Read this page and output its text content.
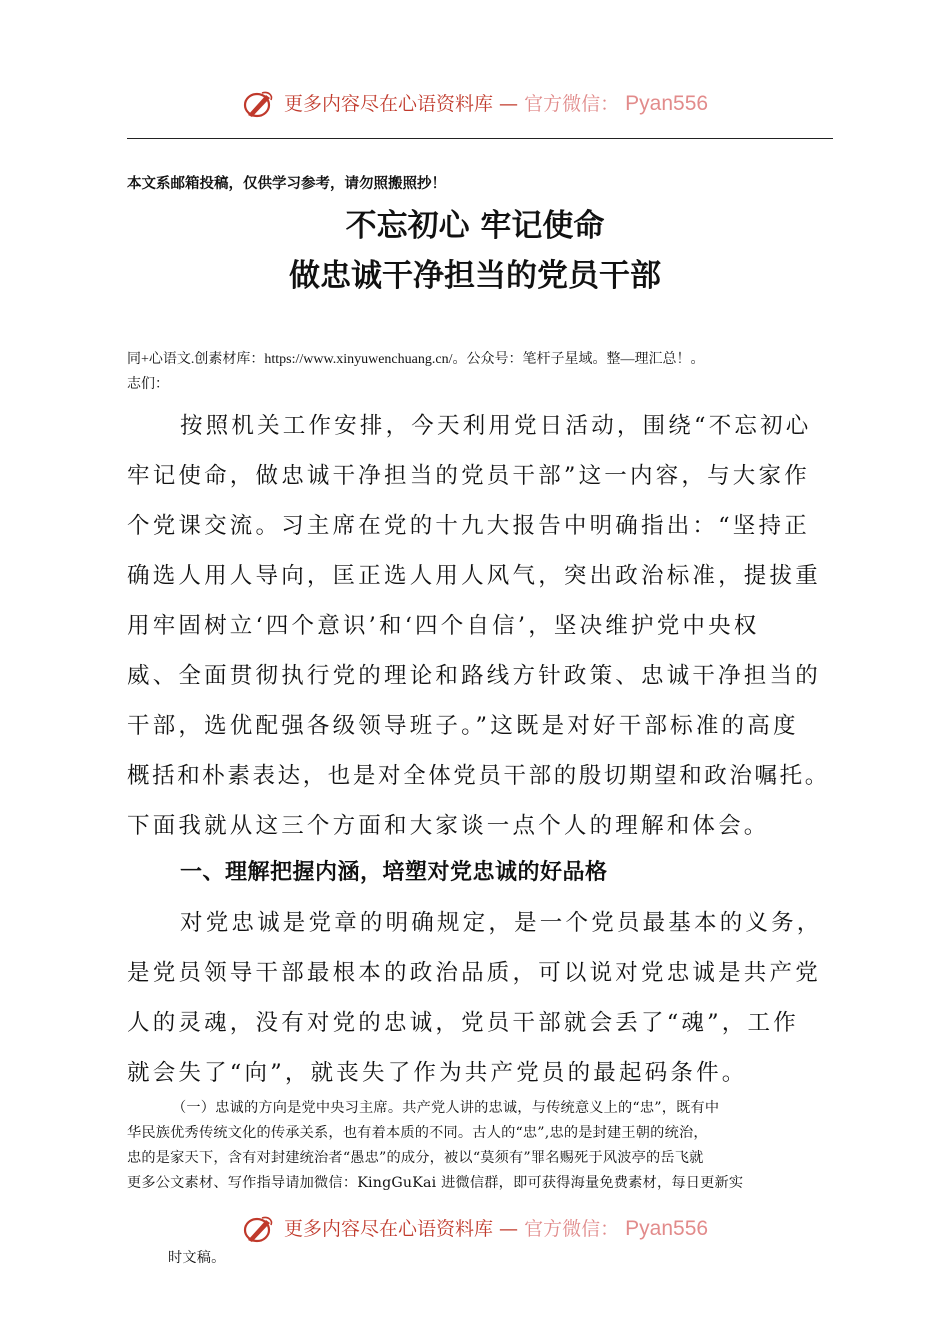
更多内容尽在心语资料库 — 官方微信： Pyan556
本文系邮箱投稿，仅供学习参考，请勿照搬照抄！
不忘初心 牢记使命
做忠诚干净担当的党员干部
同+心语文.创素材库：https://www.xinyuwenchuang.cn/。公众号：笔杆子星域。整—理汇总！。
志们：
按照机关工作安排，今天利用党日活动，围绕“不忘初心
牢记使命，做忠诚干净担当的党员干部”这一内容，与大家作
个党课交流。习主席在党的十九大报告中明确指出：“坚持正
确选人用人导向，匡正选人用人风气，突出政治标准，提拔重
用牢固树立‘四个意识’和‘四个自信’，坚决维护党中央权
威、全面贯彻执行党的理论和路线方针政策、忠诚干净担当的
干部，选优配强各级领导班子。”这既是对好干部标准的高度
概括和朴素表达，也是对全体党员干部的殷切期望和政治嘱托。
下面我就从这三个方面和大家谈一点个人的理解和体会。
一、理解把握内涵，培塑对党忠诚的好品格
对党忠诚是党章的明确规定，是一个党员最基本的义务，
是党员领导干部最根本的政治品质，可以说对党忠诚是共产党
人的灵魂，没有对党的忠诚，党员干部就会丢了“魂”，工作
就会失了“向”，就丧失了作为共产党员的最起码条件。
（一）忠诚的方向是党中央习主席。共产党人讲的忠诚，与传统意义上的“忠”，既有中
华民族优秀传统文化的传承关系，也有着本质的不同。古人的“忠”,忠的是封建王朝的统治，
忠的是家天下，含有对封建统治者“愚忠”的成分，被以“莫须有”罪名赐死于风波亭的岳飞就
更多公文素材、写作指导请加微信：KingGuKai 进微信群，即可获得海量免费素材，每日更新实
更多内容尽在心语资料库 — 官方微信： Pyan556
时文稿。
